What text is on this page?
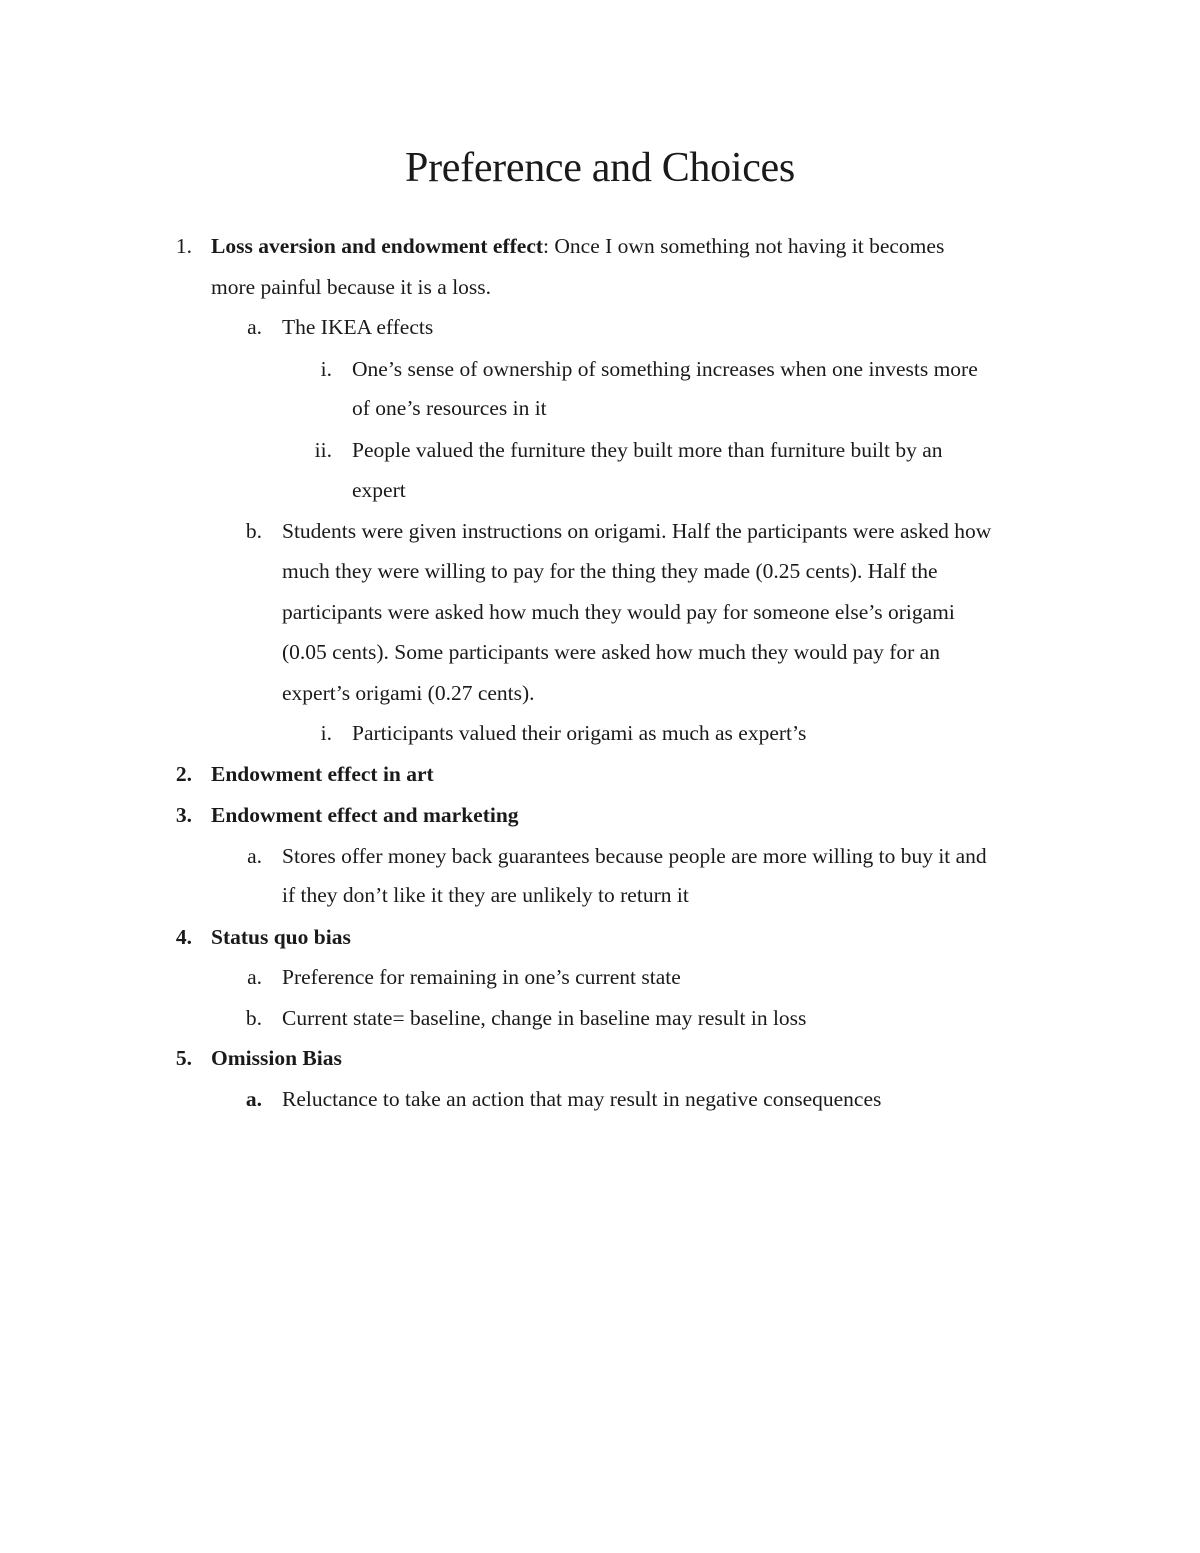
Preference and Choices
1. Loss aversion and endowment effect: Once I own something not having it becomes
more painful because it is a loss.
a. The IKEA effects
i. One’s sense of ownership of something increases when one invests more
of one’s resources in it
ii. People valued the furniture they built more than furniture built by an
expert
b. Students were given instructions on origami. Half the participants were asked how
much they were willing to pay for the thing they made (0.25 cents). Half the
participants were asked how much they would pay for someone else’s origami
(0.05 cents). Some participants were asked how much they would pay for an
expert’s origami (0.27 cents).
i. Participants valued their origami as much as expert’s
2. Endowment effect in art
3. Endowment effect and marketing
a. Stores offer money back guarantees because people are more willing to buy it and
if they don’t like it they are unlikely to return it
4. Status quo bias
a. Preference for remaining in one’s current state
b. Current state= baseline, change in baseline may result in loss
5. Omission Bias
a. Reluctance to take an action that may result in negative consequences
